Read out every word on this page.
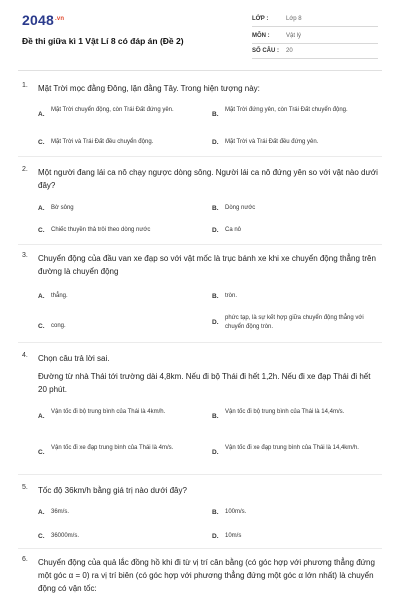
$2048^{.vn}$
Đề thi giữa kì 1 Vật Lí 8 có đáp án (Đề 2)
LỚP :	Lớp 8
MÔN :	Vật lý
SỐ CÂU : 20
1. Mặt Trời mọc đằng Đông, lặn đằng Tây. Trong hiện tượng này:
A.
Mặt Trời chuyển động, còn Trái Đất đứng yên.
B.
Mặt Trời đứng yên, còn Trái Đất chuyển động.
C. Mặt Trời và Trái Đất đều chuyển động.	D. Mặt Trời và Trái Đất đều đứng yên.
2. Một người đang lái ca nô chạy ngược dòng sông. Người lái ca nô đứng yên so với vật nào dưới đây?
A. Bờ sông	B. Dòng nước
C. Chiếc thuyền thả trôi theo dòng nước	D. Ca nô
3. Chuyển động của đầu van xe đạp so với vật mốc là trục bánh xe khi xe chuyển động thẳng trên đường là chuyển động
A. thẳng.	B. tròn.
C. cong.	D.
phức tạp, là sự kết hợp giữa chuyển động thẳng với chuyển động tròn.
4. Chọn câu trả lời sai.
Đường từ nhà Thái tới trường dài 4,8km. Nếu đi bộ Thái đi hết 1,2h. Nếu đi xe đạp Thái đi hết 20 phút.
A.
Vận tốc đi bộ trung bình của Thái là 4km/h.
B.
Vận tốc đi bộ trung bình của Thái là 14,4m/s.
C.
Vận tốc đi xe đạp trung bình của Thái là 4m/s.
D.
Vận tốc đi xe đạp trung bình của Thái là 14,4km/h.
5. Tốc độ 36km/h bằng giá trị nào dưới đây?
A. 36m/s.	B. 100m/s.
C. 36000m/s.	D. 10m/s
6. Chuyển động của quả lắc đồng hồ khi đi từ vị trí cân bằng (có góc hợp với phương thẳng đứng một góc α = 0) ra vị trí biên (có góc hợp với phương thẳng đứng một góc α lớn nhất) là chuyển động có vận tốc:
